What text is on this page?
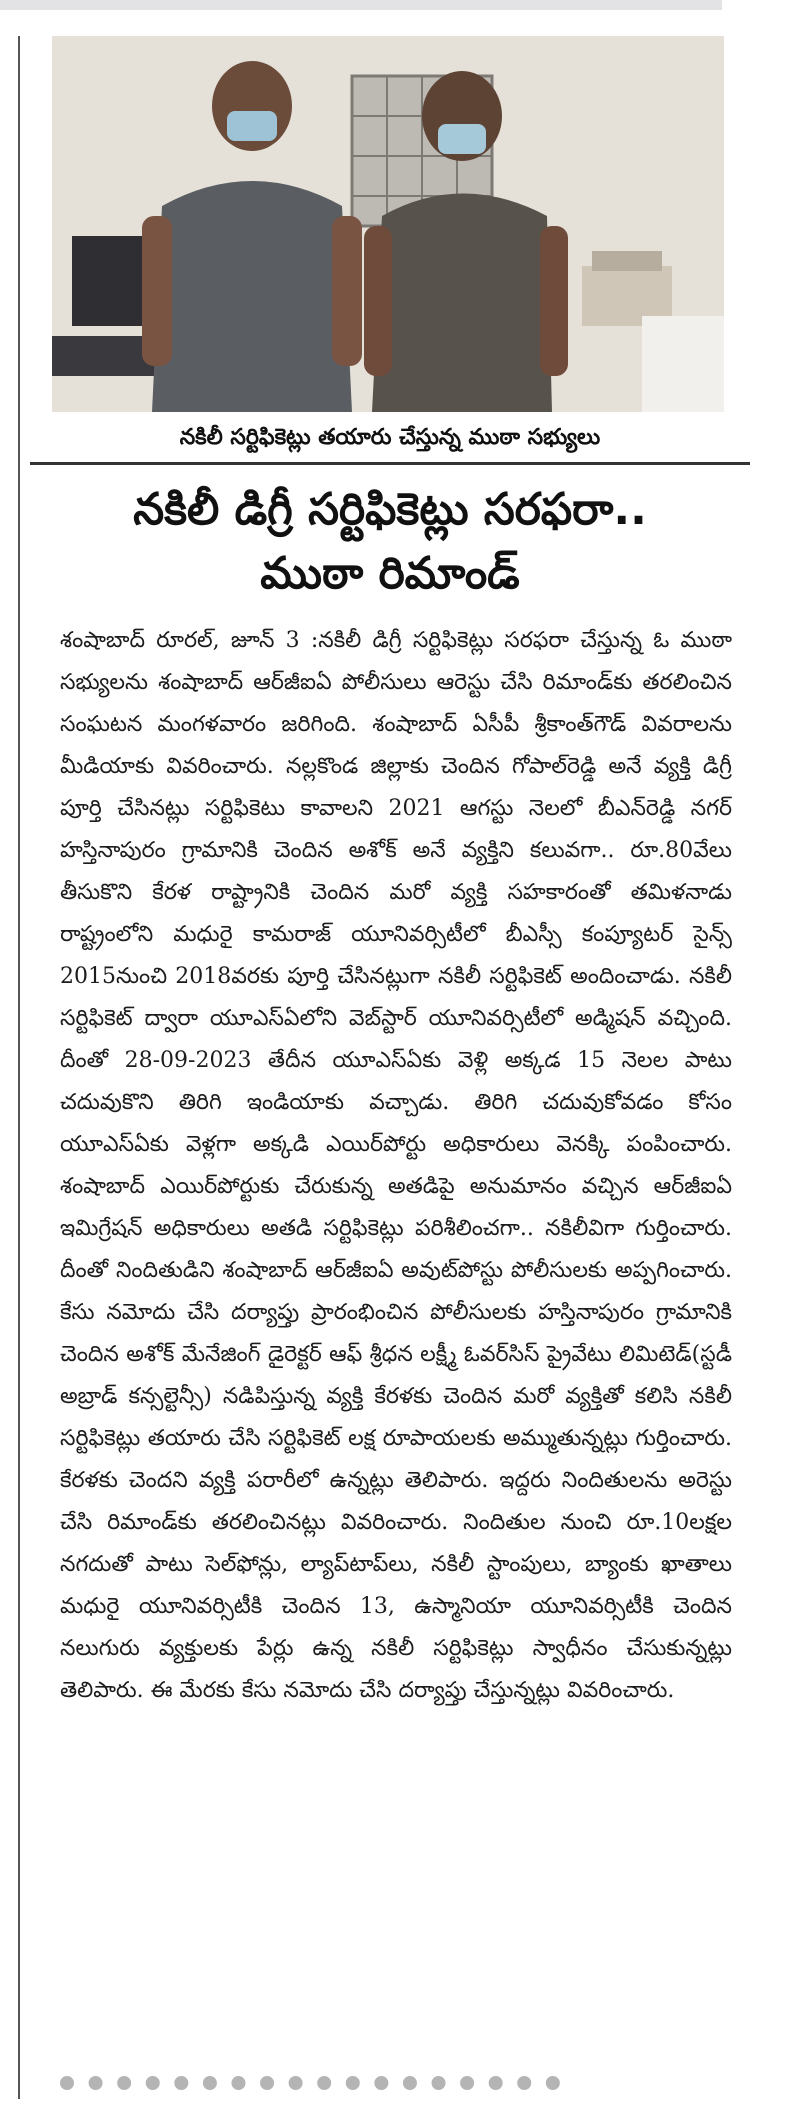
నకిలీ సర్టిఫికెట్లు తయారు చేస్తున్న ముఠా సభ్యులు
నకిలీ డిగ్రీ సర్టిఫికెట్లు సరఫరా..
ముఠా రిమాండ్
శంషాబాద్ రూరల్, జూన్ 3 :నకిలీ డిగ్రీ సర్టిఫికెట్లు సరఫరా చేస్తున్న ఓ ముఠా సభ్యులను శంషాబాద్ ఆర్‌జీఐఏ పోలీసులు ఆరెస్టు చేసి రిమాండ్‌కు తరలించిన సంఘటన మంగళవారం జరిగింది. శంషాబాద్ ఏసీపీ శ్రీకాంత్‌గౌడ్ వివరాలను మీడియాకు వివరించారు. నల్లకొండ జిల్లాకు చెందిన గోపాల్‌రెడ్డి అనే వ్యక్తి డిగ్రీ పూర్తి చేసినట్లు సర్టిఫికెటు కావాలని 2021 ఆగస్టు నెలలో బీఎన్‌రెడ్డి నగర్ హస్తినాపురం గ్రామానికి చెందిన అశోక్ అనే వ్యక్తిని కలువగా.. రూ.80వేలు తీసుకొని కేరళ రాష్ట్రానికి చెందిన మరో వ్యక్తి సహకారంతో తమిళనాడు రాష్ట్రంలోని మధురై కామరాజ్ యూనివర్సిటీలో బీఎస్సీ కంప్యూటర్ సైన్స్ 2015నుంచి 2018వరకు పూర్తి చేసినట్లుగా నకిలీ సర్టిఫికెట్ అందించాడు. నకిలీ సర్టిఫికెట్ ద్వారా యూఎస్‌ఏలోని వెబ్‌స్టార్ యూనివర్సిటీలో అడ్మిషన్ వచ్చింది. దీంతో 28-09-2023 తేదీన యూఎస్‌ఏకు వెళ్లి అక్కడ 15 నెలల పాటు చదువుకొని తిరిగి ఇండియాకు వచ్చాడు. తిరిగి చదువుకోవడం కోసం యూఎస్‌ఏకు వెళ్లగా అక్కడి ఎయిర్‌పోర్టు అధికారులు వెనక్కి పంపించారు. శంషాబాద్ ఎయిర్‌పోర్టుకు చేరుకున్న అతడిపై అనుమానం వచ్చిన ఆర్‌జీఐఏ ఇమిగ్రేషన్ అధికారులు అతడి సర్టిఫికెట్లు పరిశీలించగా.. నకిలీవిగా గుర్తించారు. దీంతో నిందితుడిని శంషాబాద్ ఆర్‌జీఐఏ అవుట్‌పోస్టు పోలీసులకు అప్పగించారు. కేసు నమోదు చేసి దర్యాప్తు ప్రారంభించిన పోలీసులకు హస్తినాపురం గ్రామానికి చెందిన అశోక్ మేనేజింగ్ డైరెక్టర్ ఆఫ్ శ్రీధన లక్ష్మీ ఓవర్‌సిస్ ప్రైవేటు లిమిటెడ్(స్టడీ అబ్రాడ్ కన్సల్టెన్సీ) నడిపిస్తున్న వ్యక్తి కేరళకు చెందిన మరో వ్యక్తితో కలిసి నకిలీ సర్టిఫికెట్లు తయారు చేసి సర్టిఫికెట్ లక్ష రూపాయలకు అమ్ముతున్నట్లు గుర్తించారు. కేరళకు చెందని వ్యక్తి పరారీలో ఉన్నట్లు తెలిపారు. ఇద్దరు నిందితులను అరెస్టు చేసి రిమాండ్‌కు తరలించినట్లు వివరించారు. నిందితుల నుంచి రూ.10లక్షల నగదుతో పాటు సెల్‌ఫోన్లు, ల్యాప్‌టాప్‌లు, నకిలీ స్టాంపులు, బ్యాంకు ఖాతాలు మధురై యూనివర్సిటీకి చెందిన 13, ఉస్మానియా యూనివర్సిటీకి చెందిన నలుగురు వ్యక్తులకు పేర్లు ఉన్న నకిలీ సర్టిఫికెట్లు స్వాధీనం చేసుకున్నట్లు తెలిపారు. ఈ మేరకు కేసు నమోదు చేసి దర్యాప్తు చేస్తున్నట్లు వివరించారు.
